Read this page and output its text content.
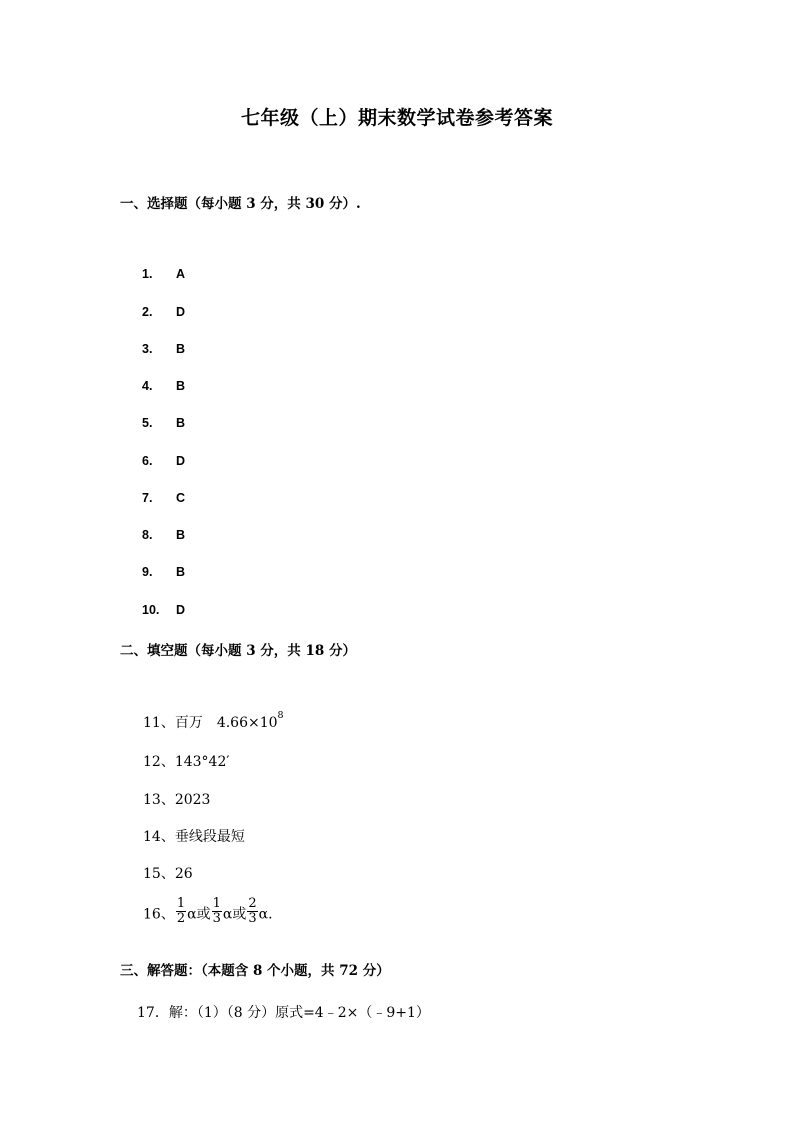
七年级（上）期末数学试卷参考答案
一、选择题（每小题 3 分，共 30 分）.
1.	A
2.	D
3.	B
4.	B
5.	B
6.	D
7.	C
8.	B
9.	B
10.	D
二、填空题（每小题 3 分，共 18 分）
11、百万 $4.66\times 10^8$
12、143°42′
13、2023
14、垂线段最短
15、26
16、 $\frac{1}{2}$ α或 $\frac{1}{3}$ α或 $\frac{2}{3} \alpha$.
三、解答题：（本题含 8 个小题，共 72 分）
17．解：（1）（8 分）原式=4﹣2×（﹣9+1）
